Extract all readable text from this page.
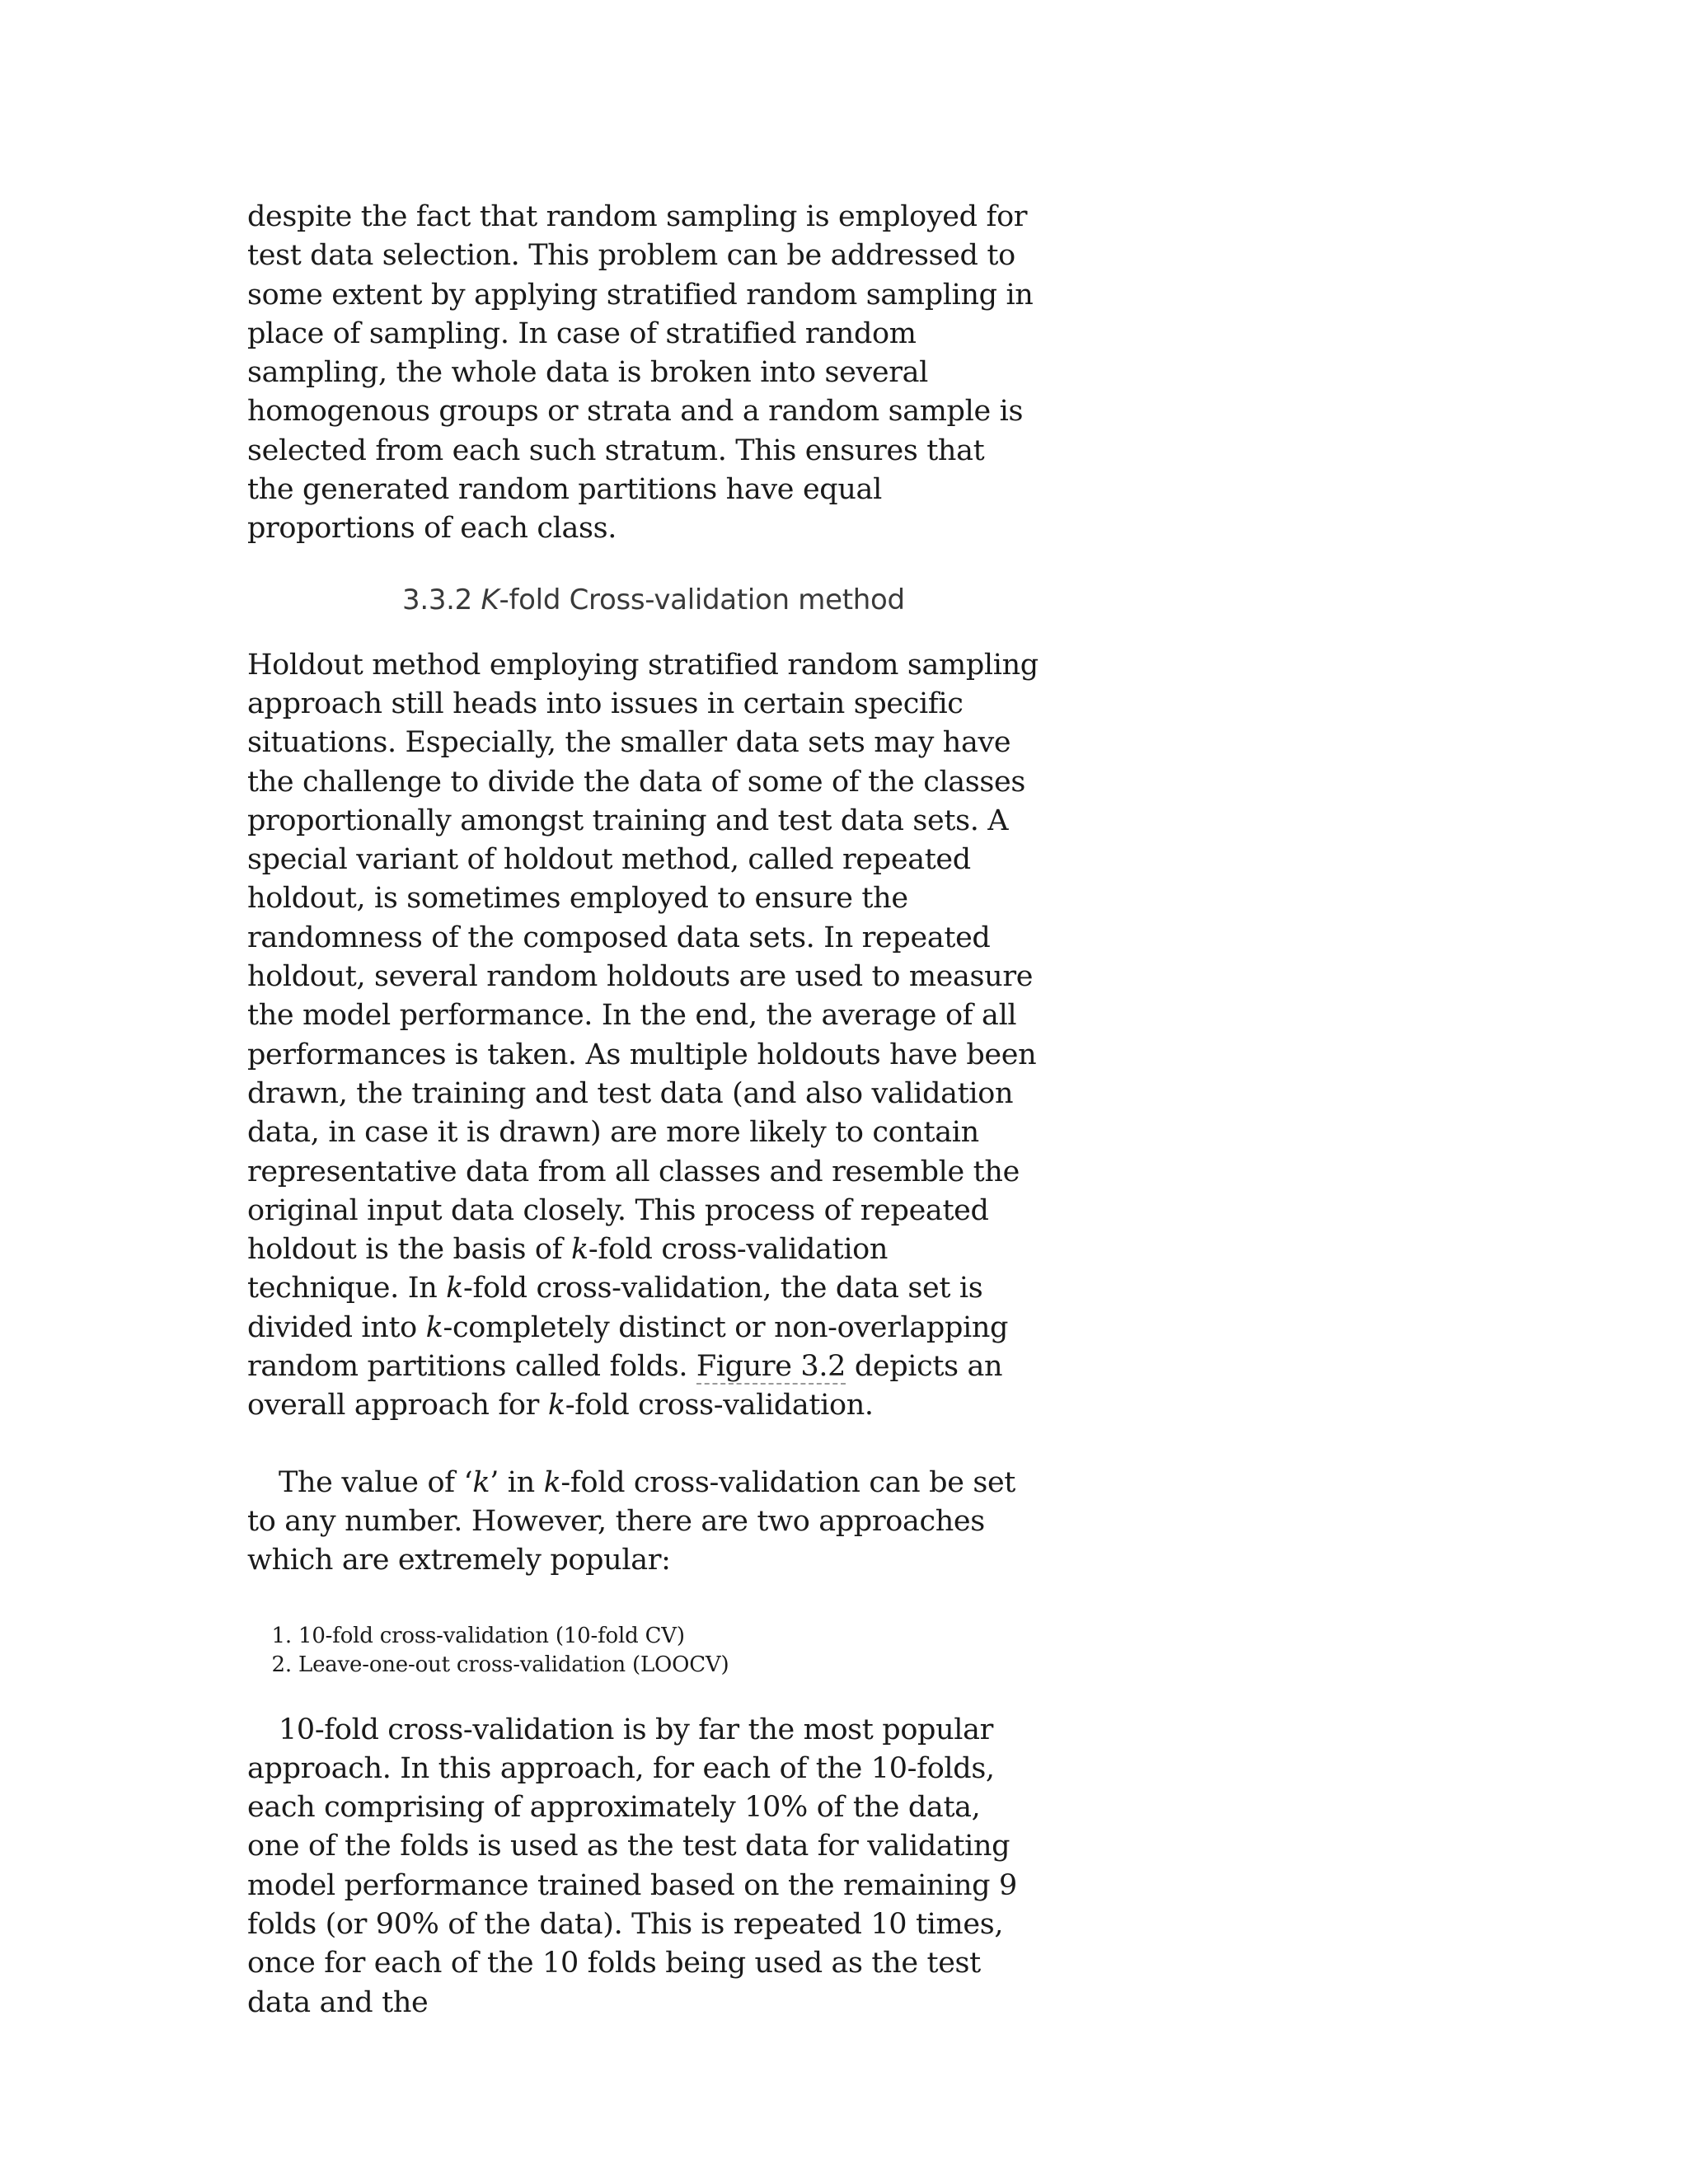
despite the fact that random sampling is employed for test data selection. This problem can be addressed to some extent by applying stratified random sampling in place of sampling. In case of stratified random sampling, the whole data is broken into several homogenous groups or strata and a random sample is selected from each such stratum. This ensures that the generated random partitions have equal proportions of each class.

3.3.2 K-fold Cross-validation method

Holdout method employing stratified random sampling approach still heads into issues in certain specific situations. Especially, the smaller data sets may have the challenge to divide the data of some of the classes proportionally amongst training and test data sets. A special variant of holdout method, called repeated holdout, is sometimes employed to ensure the randomness of the composed data sets. In repeated holdout, several random holdouts are used to measure the model performance. In the end, the average of all performances is taken. As multiple holdouts have been drawn, the training and test data (and also validation data, in case it is drawn) are more likely to contain representative data from all classes and resemble the original input data closely. This process of repeated holdout is the basis of k-fold cross-validation technique. In k-fold cross-validation, the data set is divided into k-completely distinct or non-overlapping random partitions called folds. Figure 3.2 depicts an overall approach for k-fold cross-validation.

The value of ‘k’ in k-fold cross-validation can be set to any number. However, there are two approaches which are extremely popular:

1. 10-fold cross-validation (10-fold CV)
2. Leave-one-out cross-validation (LOOCV)

10-fold cross-validation is by far the most popular approach. In this approach, for each of the 10-folds, each comprising of approximately 10% of the data, one of the folds is used as the test data for validating model performance trained based on the remaining 9 folds (or 90% of the data). This is repeated 10 times, once for each of the 10 folds being used as the test data and the
